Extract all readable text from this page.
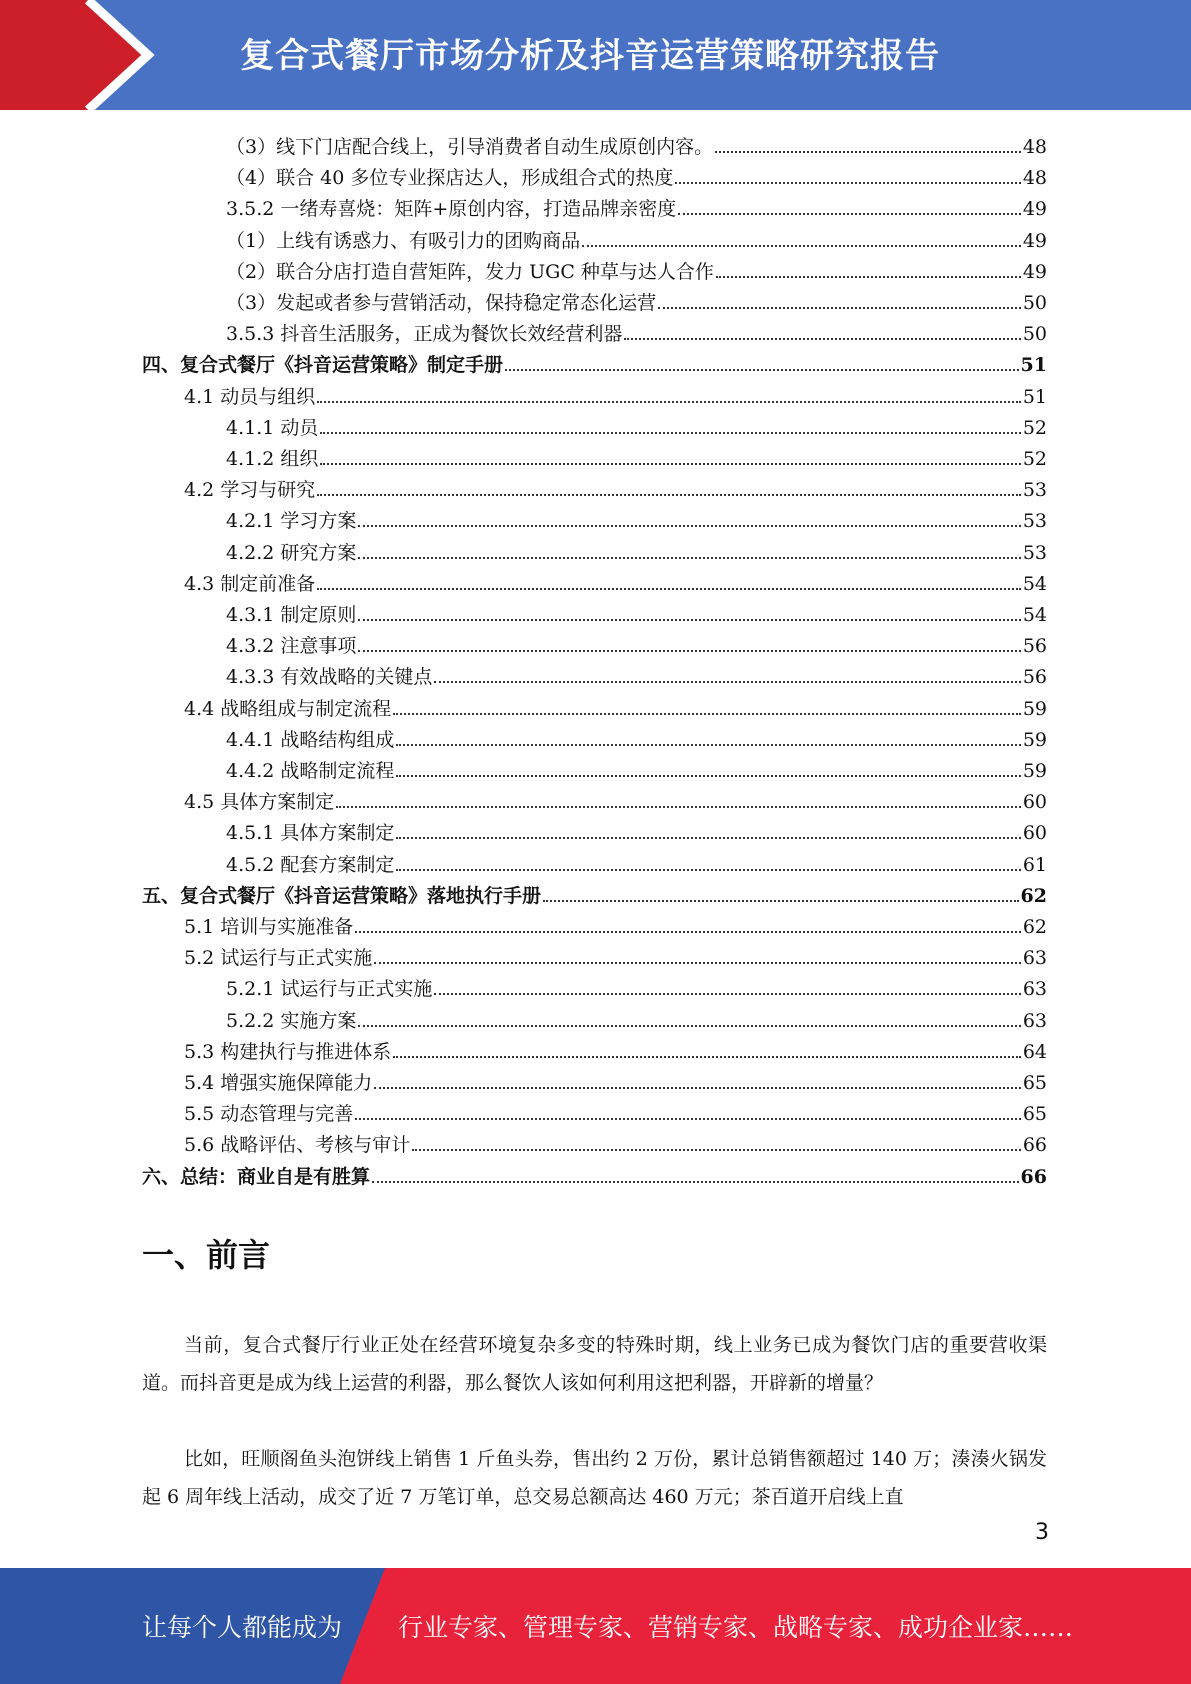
复合式餐厅市场分析及抖音运营策略研究报告
（3）线下门店配合线上，引导消费者自动生成原创内容。	48
（4）联合 40 多位专业探店达人，形成组合式的热度	48
3.5.2 一绪寿喜烧：矩阵+原创内容，打造品牌亲密度	49
（1）上线有诱惑力、有吸引力的团购商品	49
（2）联合分店打造自营矩阵，发力 UGC 种草与达人合作	49
（3）发起或者参与营销活动，保持稳定常态化运营	50
3.5.3 抖音生活服务，正成为餐饮长效经营利器	50
四、复合式餐厅《抖音运营策略》制定手册	51
4.1 动员与组织	51
4.1.1 动员	52
4.1.2 组织	52
4.2 学习与研究	53
4.2.1 学习方案	53
4.2.2 研究方案	53
4.3 制定前准备	54
4.3.1 制定原则	54
4.3.2 注意事项	56
4.3.3 有效战略的关键点	56
4.4 战略组成与制定流程	59
4.4.1 战略结构组成	59
4.4.2 战略制定流程	59
4.5 具体方案制定	60
4.5.1 具体方案制定	60
4.5.2 配套方案制定	61
五、复合式餐厅《抖音运营策略》落地执行手册	62
5.1 培训与实施准备	62
5.2 试运行与正式实施	63
5.2.1 试运行与正式实施	63
5.2.2 实施方案	63
5.3 构建执行与推进体系	64
5.4 增强实施保障能力	65
5.5 动态管理与完善	65
5.6 战略评估、考核与审计	66
六、总结：商业自是有胜算	66
一、前言
当前，复合式餐厅行业正处在经营环境复杂多变的特殊时期，线上业务已成为餐饮门店的重要营收渠道。而抖音更是成为线上运营的利器，那么餐饮人该如何利用这把利器，开辟新的增量？
比如，旺顺阁鱼头泡饼线上销售 1 斤鱼头券，售出约 2 万份，累计总销售额超过 140 万；湊湊火锅发起 6 周年线上活动，成交了近 7 万笔订单，总交易总额高达 460 万元；茶百道开启线上直
3
让每个人都能成为 行业专家、管理专家、营销专家、战略专家、成功企业家……
